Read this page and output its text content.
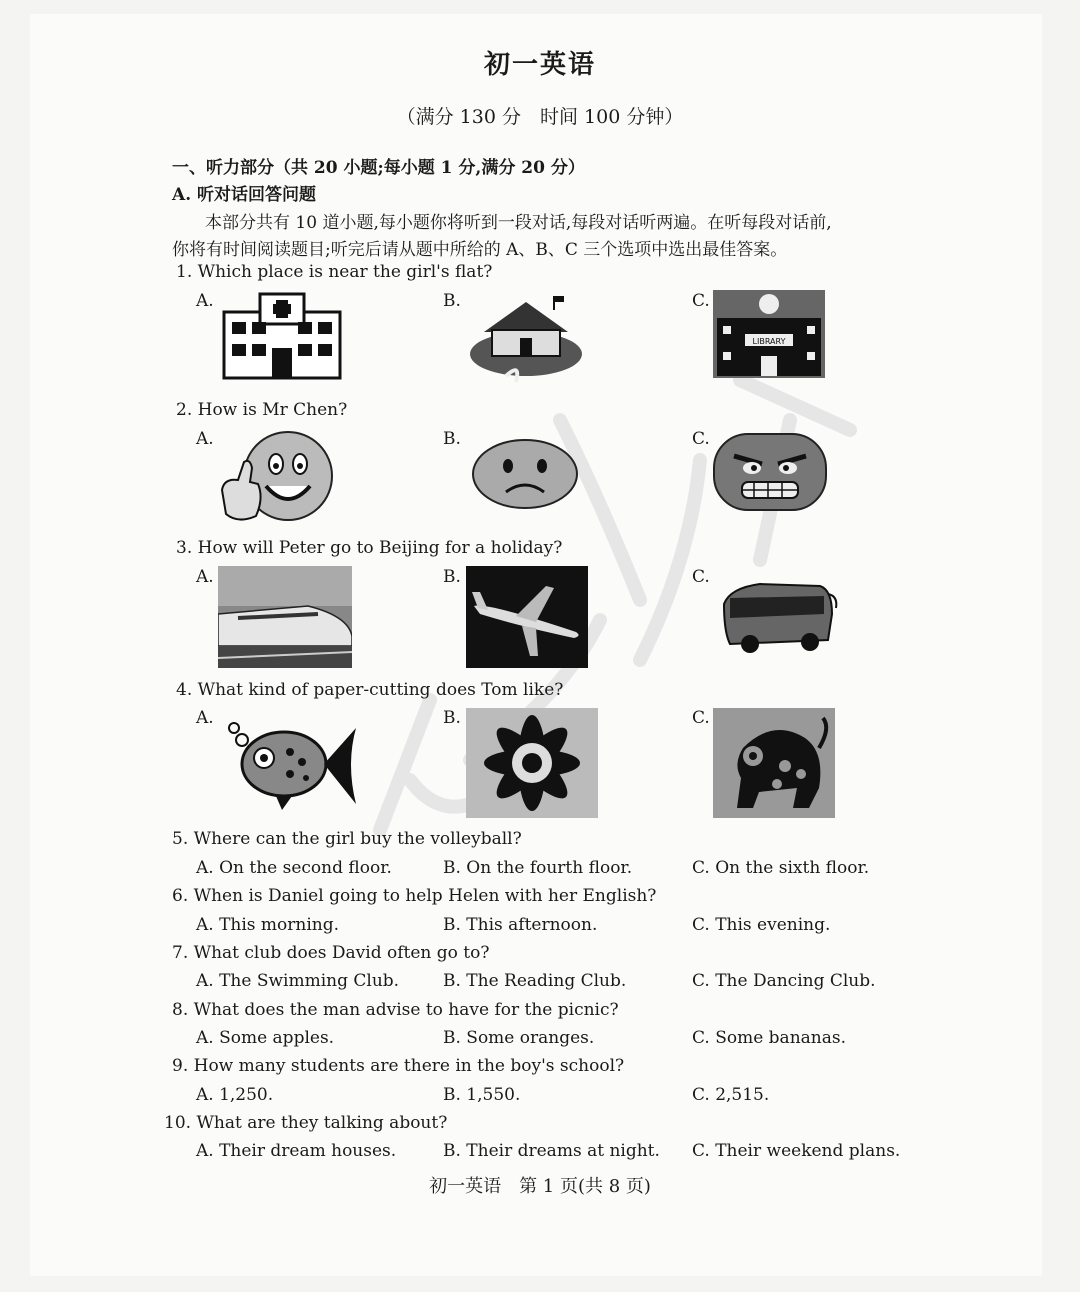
初一英语
（满分 130 分　时间 100 分钟）
一、听力部分（共 20 小题;每小题 1 分,满分 20 分）
A. 听对话回答问题
本部分共有 10 道小题,每小题你将听到一段对话,每段对话听两遍。在听每段对话前,
你将有时间阅读题目;听完后请从题中所给的 A、B、C 三个选项中选出最佳答案。
1. Which place is near the girl's flat?
A.	B.	C.
LIBRARY
2. How is Mr Chen?
A.	B.	C.
3. How will Peter go to Beijing for a holiday?
A.	B.	C.
4. What kind of paper-cutting does Tom like?
A.	B.	C.
5. Where can the girl buy the volleyball?
A. On the second floor.	B. On the fourth floor.	C. On the sixth floor.
6. When is Daniel going to help Helen with her English?
A. This morning.	B. This afternoon.	C. This evening.
7. What club does David often go to?
A. The Swimming Club.	B. The Reading Club.	C. The Dancing Club.
8. What does the man advise to have for the picnic?
A. Some apples.	B. Some oranges.	C. Some bananas.
9. How many students are there in the boy's school?
A. 1,250.	B. 1,550.	C. 2,515.
10. What are they talking about?
A. Their dream houses.	B. Their dreams at night. C. Their weekend plans.
初一英语　第 1 页(共 8 页)
